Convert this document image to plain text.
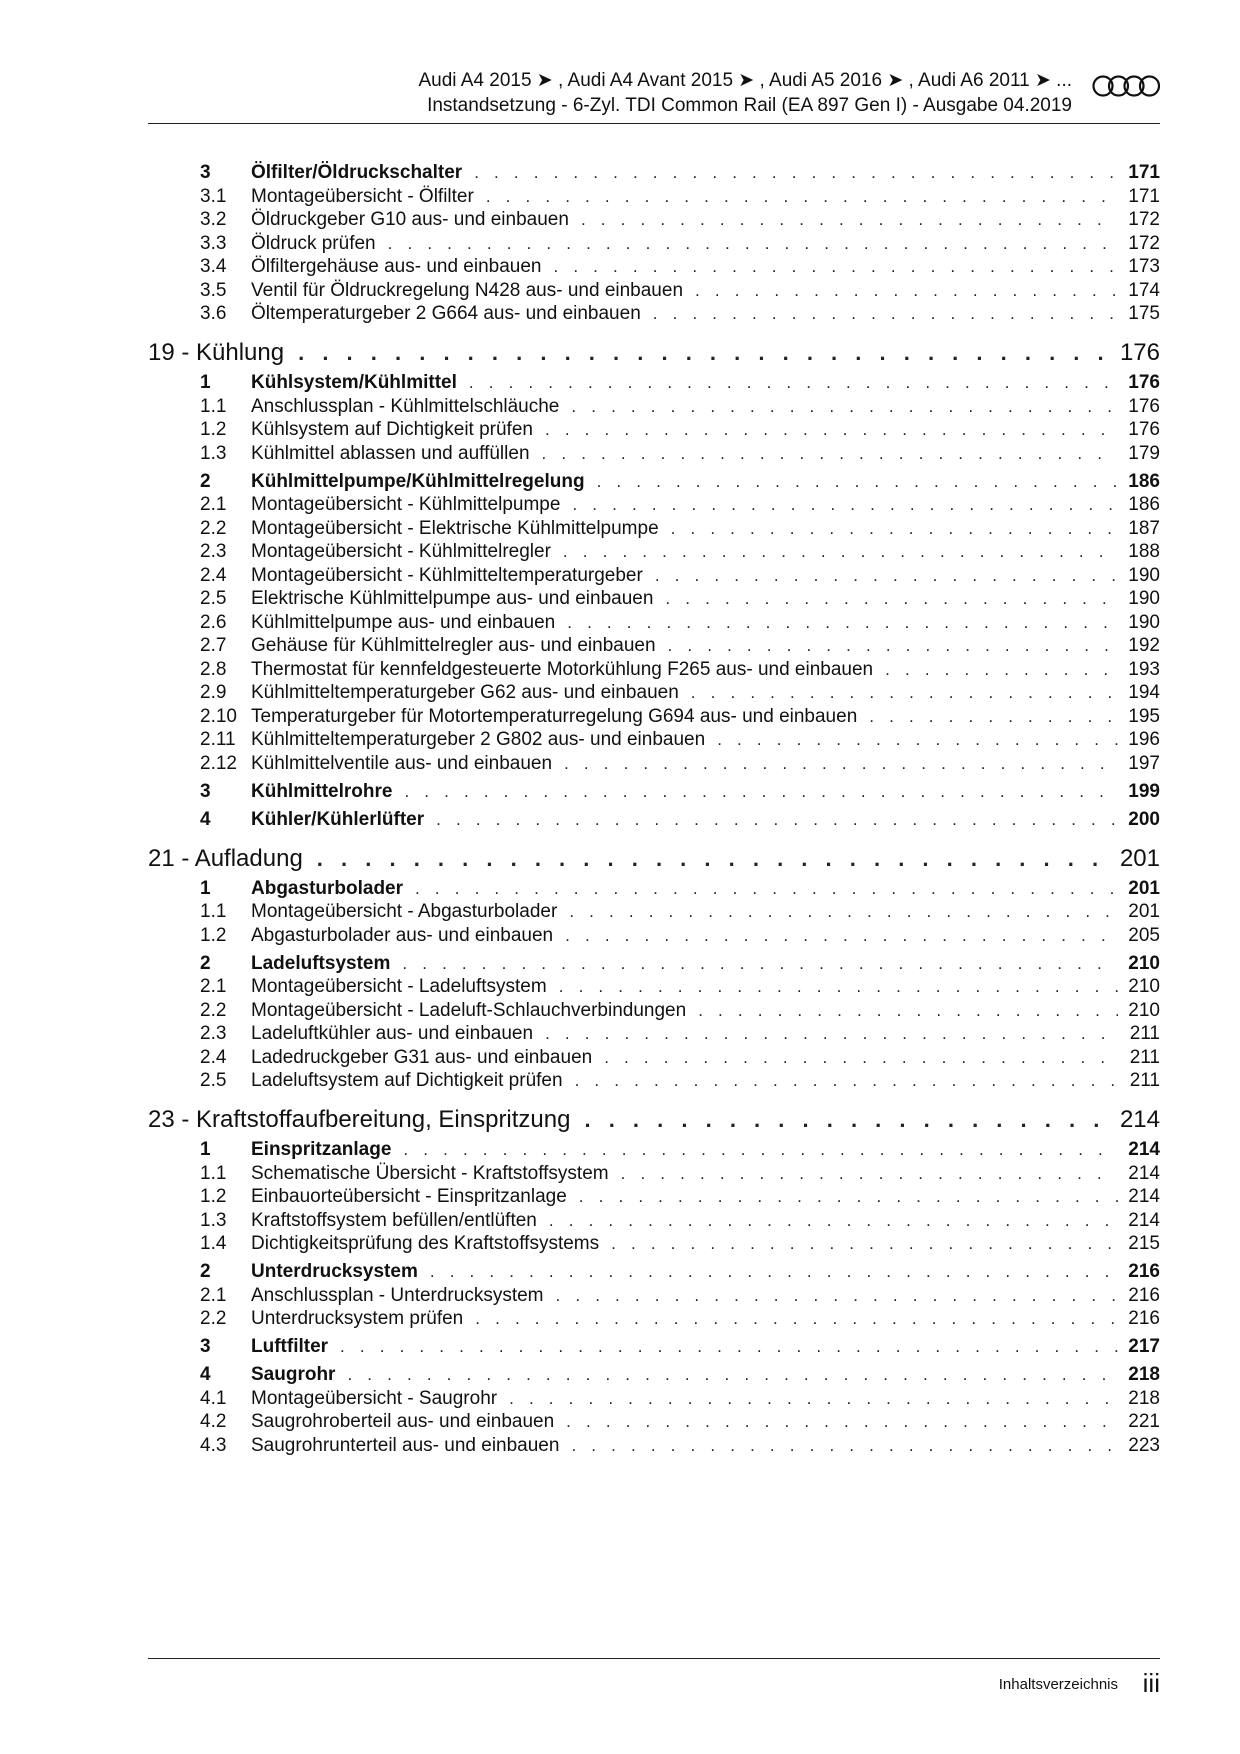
Audi A4 2015 ➤ , Audi A4 Avant 2015 ➤ , Audi A5 2016 ➤ , Audi A6 2011 ➤ ...
Instandsetzung - 6-Zyl. TDI Common Rail (EA 897 Gen I) - Ausgabe 04.2019
3	Ölfilter/Öldruckschalter . . .	171
3.1	Montageübersicht - Ölfilter . . .	171
3.2	Öldruckgeber G10 aus- und einbauen . . .	172
3.3	Öldruck prüfen . . .	172
3.4	Ölfiltergehäuse aus- und einbauen . . .	173
3.5	Ventil für Öldruckregelung N428 aus- und einbauen . . .	174
3.6	Öltemperaturgeber 2 G664 aus- und einbauen . . .	175
19 - Kühlung . . .	176
1	Kühlsystem/Kühlmittel . . .	176
1.1	Anschlussplan - Kühlmittelschläuche . . .	176
1.2	Kühlsystem auf Dichtigkeit prüfen . . .	176
1.3	Kühlmittel ablassen und auffüllen . . .	179
2	Kühlmittelpumpe/Kühlmittelregelung . . .	186
2.1	Montageübersicht - Kühlmittelpumpe . . .	186
2.2	Montageübersicht - Elektrische Kühlmittelpumpe . . .	187
2.3	Montageübersicht - Kühlmittelregler . . .	188
2.4	Montageübersicht - Kühlmitteltemperaturgeber . . .	190
2.5	Elektrische Kühlmittelpumpe aus- und einbauen . . .	190
2.6	Kühlmittelpumpe aus- und einbauen . . .	190
2.7	Gehäuse für Kühlmittelregler aus- und einbauen . . .	192
2.8	Thermostat für kennfeldgesteuerte Motorkühlung F265 aus- und einbauen . . .	193
2.9	Kühlmitteltemperaturgeber G62 aus- und einbauen . . .	194
2.10 Temperaturgeber für Motortemperaturregelung G694 aus- und einbauen . . .	195
2.11 Kühlmitteltemperaturgeber 2 G802 aus- und einbauen . . .	196
2.12 Kühlmittelventile aus- und einbauen . . .	197
3	Kühlmittelrohre . . .	199
4	Kühler/Kühlerlüfter . . .	200
21 - Aufladung . . .	201
1	Abgasturbolader . . .	201
1.1	Montageübersicht - Abgasturbolader . . .	201
1.2	Abgasturbolader aus- und einbauen . . .	205
2	Ladeluftsystem . . .	210
2.1	Montageübersicht - Ladeluftsystem . . .	210
2.2	Montageübersicht - Ladeluft-Schlauchverbindungen . . .	210
2.3	Ladeluftkühler aus- und einbauen . . .	211
2.4	Ladedruckgeber G31 aus- und einbauen . . .	211
2.5	Ladeluftsystem auf Dichtigkeit prüfen . . .	211
23 - Kraftstoffaufbereitung, Einspritzung . . .	214
1	Einspritzanlage . . .	214
1.1	Schematische Übersicht - Kraftstoffsystem . . .	214
1.2	Einbauorteübersicht - Einspritzanlage . . .	214
1.3	Kraftstoffsystem befüllen/entlüften . . .	214
1.4	Dichtigkeitsprüfung des Kraftstoffsystems . . .	215
2	Unterdrucksystem . . .	216
2.1	Anschlussplan - Unterdrucksystem . . .	216
2.2	Unterdrucksystem prüfen . . .	216
3	Luftfilter . . .	217
4	Saugrohr . . .	218
4.1	Montageübersicht - Saugrohr . . .	218
4.2	Saugrohroberteil aus- und einbauen . . .	221
4.3	Saugrohrunterteil aus- und einbauen . . .	223
Inhaltsverzeichnis iii
